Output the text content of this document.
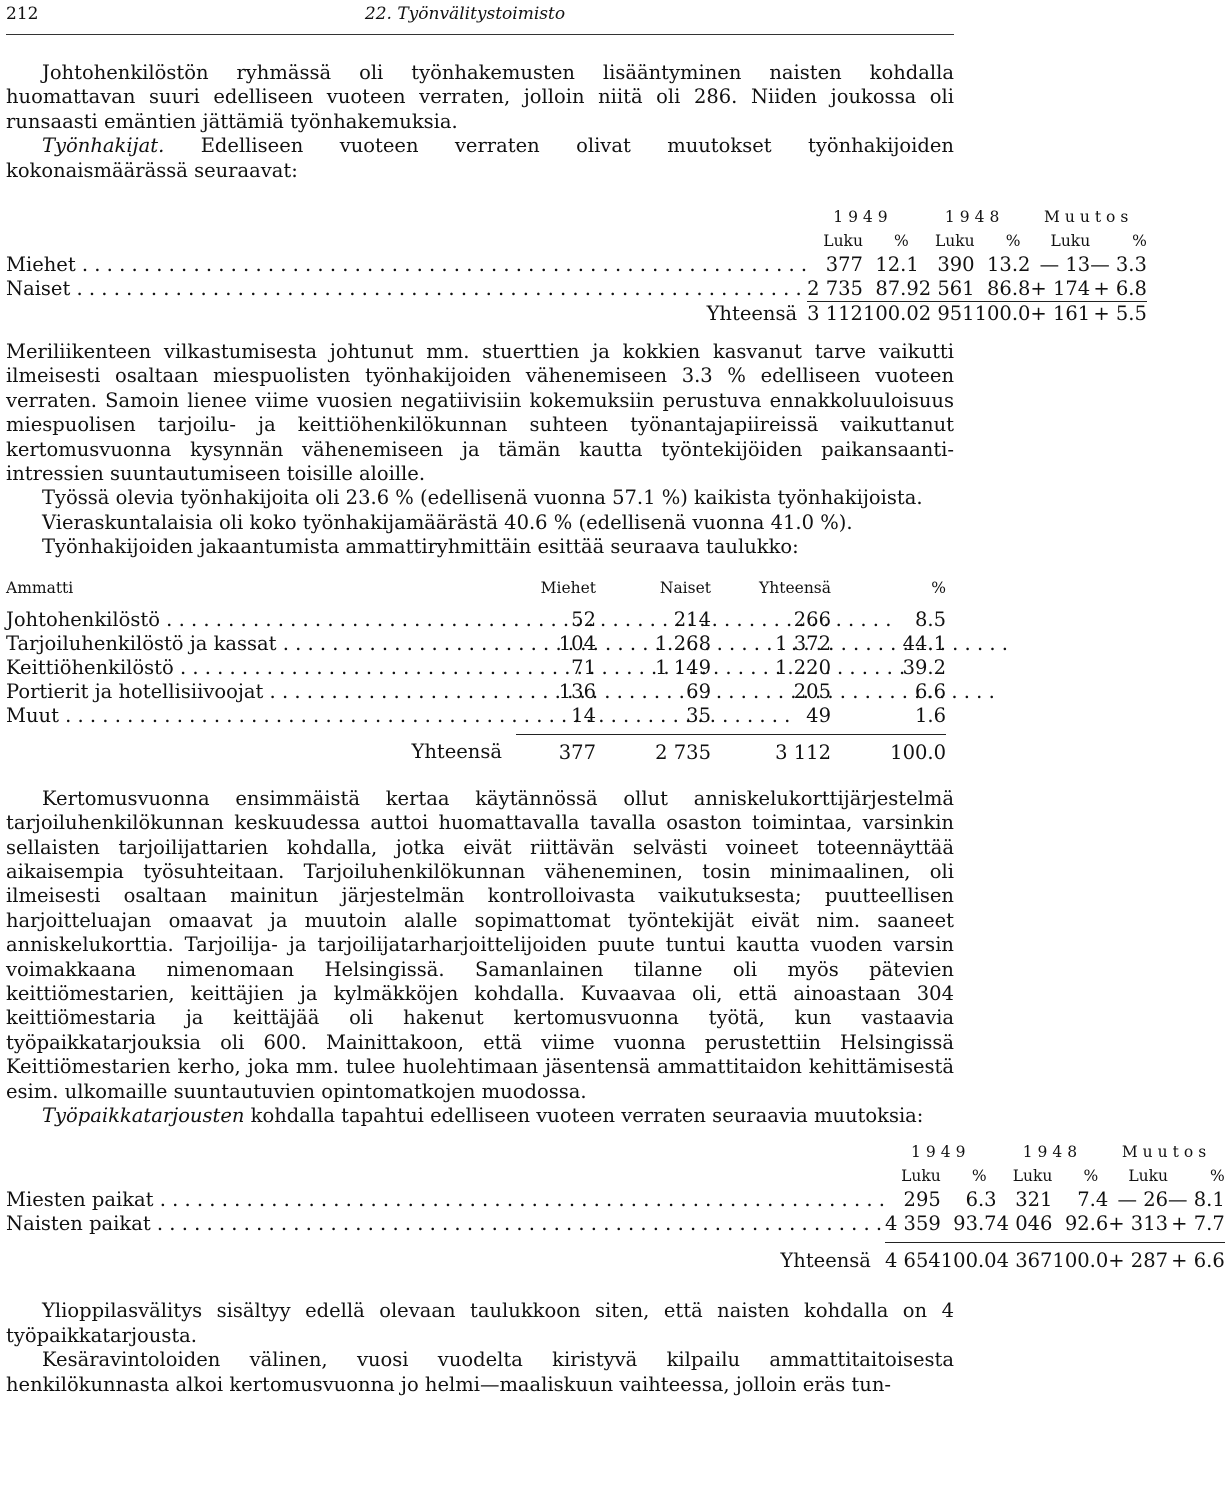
212	22. Työnvälitystoimisto

Johtohenkilöstön ryhmässä oli työnhakemusten lisääntyminen naisten kohdalla huomattavan suuri edelliseen vuoteen verraten, jolloin niitä oli 286. Niiden joukossa oli runsaasti emäntien jättämiä työnhakemuksia.

Työnhakijat. Edelliseen vuoteen verraten olivat muutokset työnhakijoiden kokonaismäärässä seuraavat:

	1949		1948		Muutos	
	Luku	%	Luku	%	Luku	%
Miehet . . .	377	12.1	390	13.2	— 13	— 3.3
Naiset . . .	2 735	87.9	2 561	86.8	+ 174	+ 6.8
Yhteensä	3 112	100.0	2 951	100.0	+ 161	+ 5.5

Meriliikenteen vilkastumisesta johtunut mm. stuerttien ja kokkien kasvanut tarve vaikutti ilmeisesti osaltaan miespuolisten työnhakijoiden vähenemiseen 3.3 % edelliseen vuoteen verraten. Samoin lienee viime vuosien negatiivisiin kokemuksiin perustuva ennakkoluuloisuus miespuolisen tarjoilu- ja keittiöhenkilökunnan suhteen työnantajapiireissä vaikuttanut kertomusvuonna kysynnän vähenemiseen ja tämän kautta työntekijöiden paikansaanti-intressien suuntautumiseen toisille aloille.

Työssä olevia työnhakijoita oli 23.6 % (edellisenä vuonna 57.1 %) kaikista työnhakijoista.

Vieraskuntalaisia oli koko työnhakijamäärästä 40.6 % (edellisenä vuonna 41.0 %).

Työnhakijoiden jakaantumista ammattiryhmittäin esittää seuraava taulukko:

Ammatti	Miehet	Naiset	Yhteensä	%

Johtohenkilöstö . . .	52	214	266	8.5
Tarjoiluhenkilöstö ja kassat . . .	104	1 268	1 372	44.1
Keittiöhenkilöstö . . .	71	1 149	1 220	39.2
Portierit ja hotellisiivoojat . . .	136	69	205	6.6
Muut . . .	14	35	49	1.6

Yhteensä	377	2 735	3 112	100.0

Kertomusvuonna ensimmäistä kertaa käytännössä ollut anniskelukorttijärjestelmä tarjoiluhenkilökunnan keskuudessa auttoi huomattavalla tavalla osaston toimintaa, varsinkin sellaisten tarjoilijattarien kohdalla, jotka eivät riittävän selvästi voineet toteennäyttää aikaisempia työsuhteitaan. Tarjoiluhenkilökunnan väheneminen, tosin minimaalinen, oli ilmeisesti osaltaan mainitun järjestelmän kontrolloivasta vaikutuksesta; puutteellisen harjoitteluajan omaavat ja muutoin alalle sopimattomat työntekijät eivät nim. saaneet anniskelukorttia. Tarjoilija- ja tarjoilijatarharjoittelijoiden puute tuntui kautta vuoden varsin voimakkaana nimenomaan Helsingissä. Samanlainen tilanne oli myös pätevien keittiömestarien, keittäjien ja kylmäkköjen kohdalla. Kuvaavaa oli, että ainoastaan 304 keittiömestaria ja keittäjää oli hakenut kertomusvuonna työtä, kun vastaavia työpaikkatarjouksia oli 600. Mainittakoon, että viime vuonna perustettiin Helsingissä Keittiömestarien kerho, joka mm. tulee huolehtimaan jäsentensä ammattitaidon kehittämisestä esim. ulkomaille suuntautuvien opintomatkojen muodossa.

Työpaikkatarjousten kohdalla tapahtui edelliseen vuoteen verraten seuraavia muutoksia:

	1949		1948		Muutos	
	Luku	%	Luku	%	Luku	%
Miesten paikat . . .	295	6.3	321	7.4	— 26	— 8.1
Naisten paikat . . .	4 359	93.7	4 046	92.6	+ 313	+ 7.7

Yhteensä	4 654	100.0	4 367	100.0	+ 287	+ 6.6

Ylioppilasvälitys sisältyy edellä olevaan taulukkoon siten, että naisten kohdalla on 4 työpaikkatarjousta.

Kesäravintoloiden välinen, vuosi vuodelta kiristyvä kilpailu ammattitaitoisesta henkilökunnasta alkoi kertomusvuonna jo helmi—maaliskuun vaihteessa, jolloin eräs tun-
